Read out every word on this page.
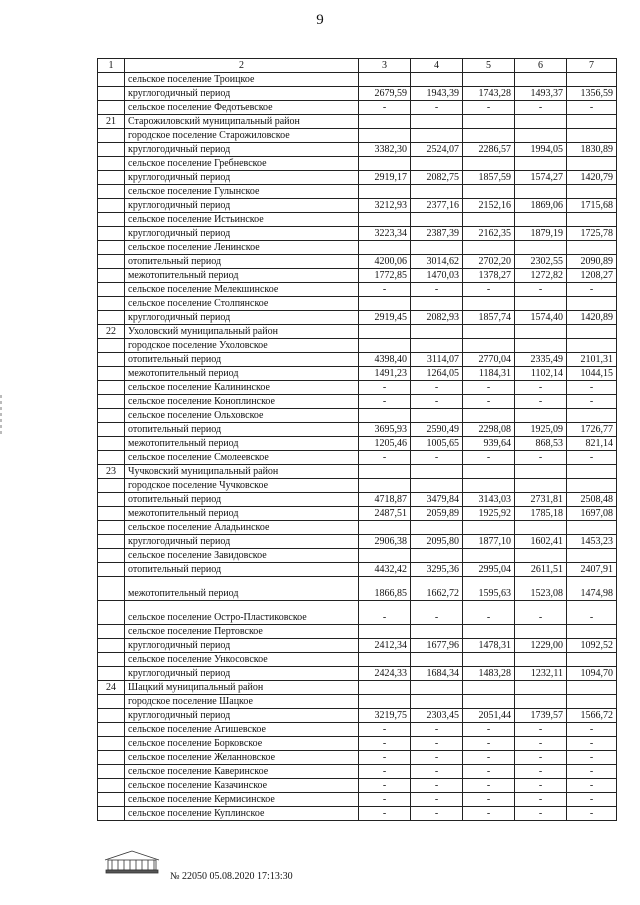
9
1	2	3	4	5	6	7
	сельское поселение Троицкое					
	круглогодичный период	2679,59	1943,39	1743,28	1493,37	1356,59
	сельское поселение Федотьевское	-	-	-	-	-
21	Старожиловский муниципальный район					
	городское поселение Старожиловское					
	круглогодичный период	3382,30	2524,07	2286,57	1994,05	1830,89
	сельское поселение Гребневское					
	круглогодичный период	2919,17	2082,75	1857,59	1574,27	1420,79
	сельское поселение Гулынское					
	круглогодичный период	3212,93	2377,16	2152,16	1869,06	1715,68
	сельское поселение Истьинское					
	круглогодичный период	3223,34	2387,39	2162,35	1879,19	1725,78
	сельское поселение Ленинское					
	отопительный период	4200,06	3014,62	2702,20	2302,55	2090,89
	межотопительный период	1772,85	1470,03	1378,27	1272,82	1208,27
	сельское поселение Мелекшинское	-	-	-	-	-
	сельское поселение Столпянское					
	круглогодичный период	2919,45	2082,93	1857,74	1574,40	1420,89
22	Ухоловский муниципальный район					
	городское поселение Ухоловское					
	отопительный период	4398,40	3114,07	2770,04	2335,49	2101,31
	межотопительный период	1491,23	1264,05	1184,31	1102,14	1044,15
	сельское поселение Калининское	-	-	-	-	-
	сельское поселение Коноплинское	-	-	-	-	-
	сельское поселение Ольховское					
	отопительный период	3695,93	2590,49	2298,08	1925,09	1726,77
	межотопительный период	1205,46	1005,65	939,64	868,53	821,14
	сельское поселение Смолеевское	-	-	-	-	-
23	Чучковский муниципальный район					
	городское поселение Чучковское					
	отопительный период	4718,87	3479,84	3143,03	2731,81	2508,48
	межотопительный период	2487,51	2059,89	1925,92	1785,18	1697,08
	сельское поселение Аладьинское					
	круглогодичный период	2906,38	2095,80	1877,10	1602,41	1453,23
	сельское поселение Завидовское					
	отопительный период	4432,42	3295,36	2995,04	2611,51	2407,91
	межотопительный период	1866,85	1662,72	1595,63	1523,08	1474,98
	сельское поселение Остро-Пластиковское	-	-	-	-	-
	сельское поселение Пертовское					
	круглогодичный период	2412,34	1677,96	1478,31	1229,00	1092,52
	сельское поселение Ункосовское					
	круглогодичный период	2424,33	1684,34	1483,28	1232,11	1094,70
24	Шацкий муниципальный район					
	городское поселение Шацкое					
	круглогодичный период	3219,75	2303,45	2051,44	1739,57	1566,72
	сельское поселение Агишевское	-	-	-	-	-
	сельское поселение Борковское	-	-	-	-	-
	сельское поселение Желанновское	-	-	-	-	-
	сельское поселение Каверинское	-	-	-	-	-
	сельское поселение Казачинское	-	-	-	-	-
	сельское поселение Кермисинское	-	-	-	-	-
	сельское поселение Куплинское	-	-	-	-	-
№ 22050 05.08.2020 17:13:30
